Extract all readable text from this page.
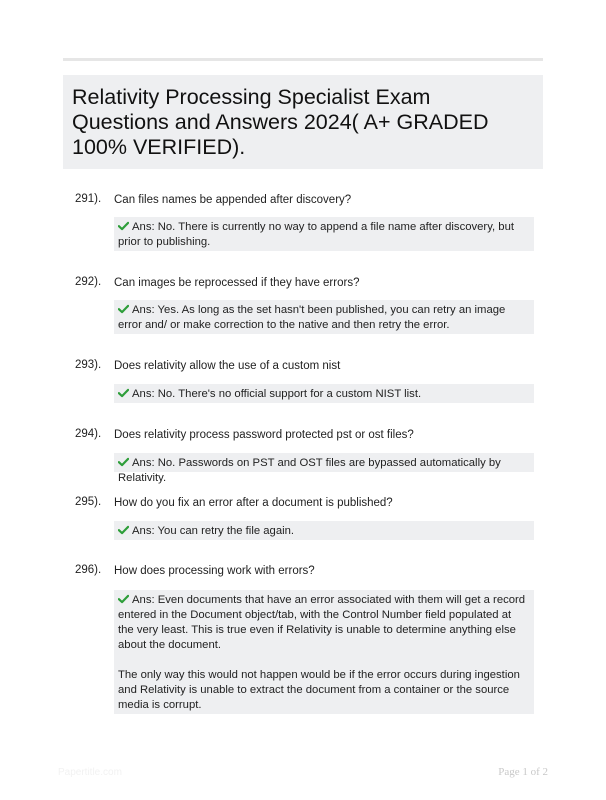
Relativity Processing Specialist Exam Questions and Answers 2024( A+ GRADED 100% VERIFIED).
291). Can files names be appended after discovery?

Ans: No. There is currently no way to append a file name after discovery, but prior to publishing.

292). Can images be reprocessed if they have errors?

Ans: Yes. As long as the set hasn't been published, you can retry an image error and/ or make correction to the native and then retry the error.

293). Does relativity allow the use of a custom nist

Ans: No. There's no official support for a custom NIST list.

294). Does relativity process password protected pst or ost files?

Ans: No. Passwords on PST and OST files are bypassed automatically by Relativity.

295). How do you fix an error after a document is published?

Ans: You can retry the file again.

296). How does processing work with errors?

Ans: Even documents that have an error associated with them will get a record entered in the Document object/tab, with the Control Number field populated at the very least. This is true even if Relativity is unable to determine anything else about the document.

The only way this would not happen would be if the error occurs during ingestion and Relativity is unable to extract the document from a container or the source media is corrupt.

Papertitle.com	Page 1 of 2
